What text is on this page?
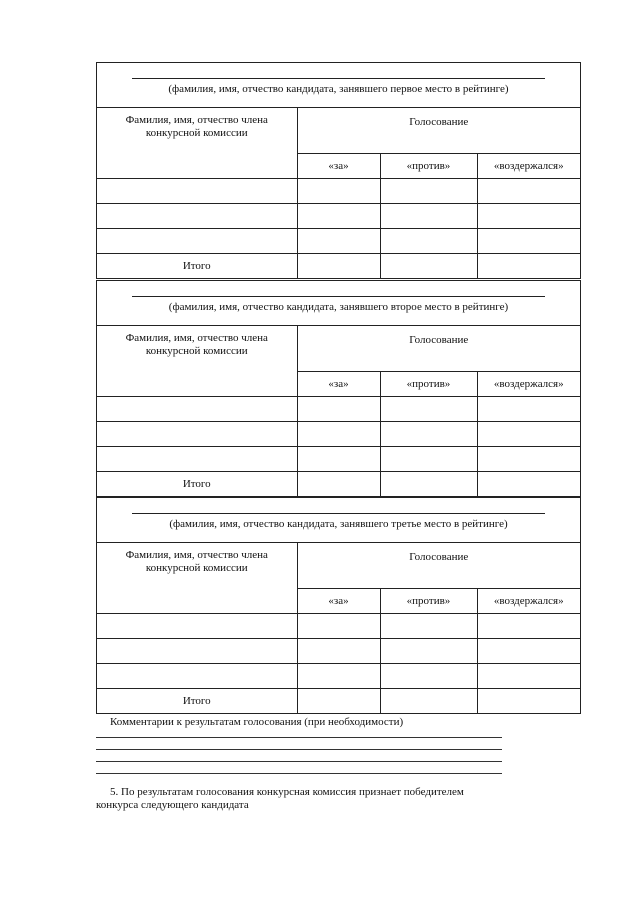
(фамилия, имя, отчество кандидата, занявшего первое место в рейтинге)
Фамилия, имя, отчество члена конкурсной комиссии	Голосование		
	«за»	«против»	«воздержался»

Итого			
(фамилия, имя, отчество кандидата, занявшего второе место в рейтинге)
Фамилия, имя, отчество члена конкурсной комиссии	Голосование		
	«за»	«против»	«воздержался»

Итого			
(фамилия, имя, отчество кандидата, занявшего третье место в рейтинге)
Фамилия, имя, отчество члена конкурсной комиссии	Голосование		
	«за»	«против»	«воздержался»

Итого			
Комментарии к результатам голосования (при необходимости)
5. По результатам голосования конкурсная комиссия признает победителем
конкурса следующего кандидата
